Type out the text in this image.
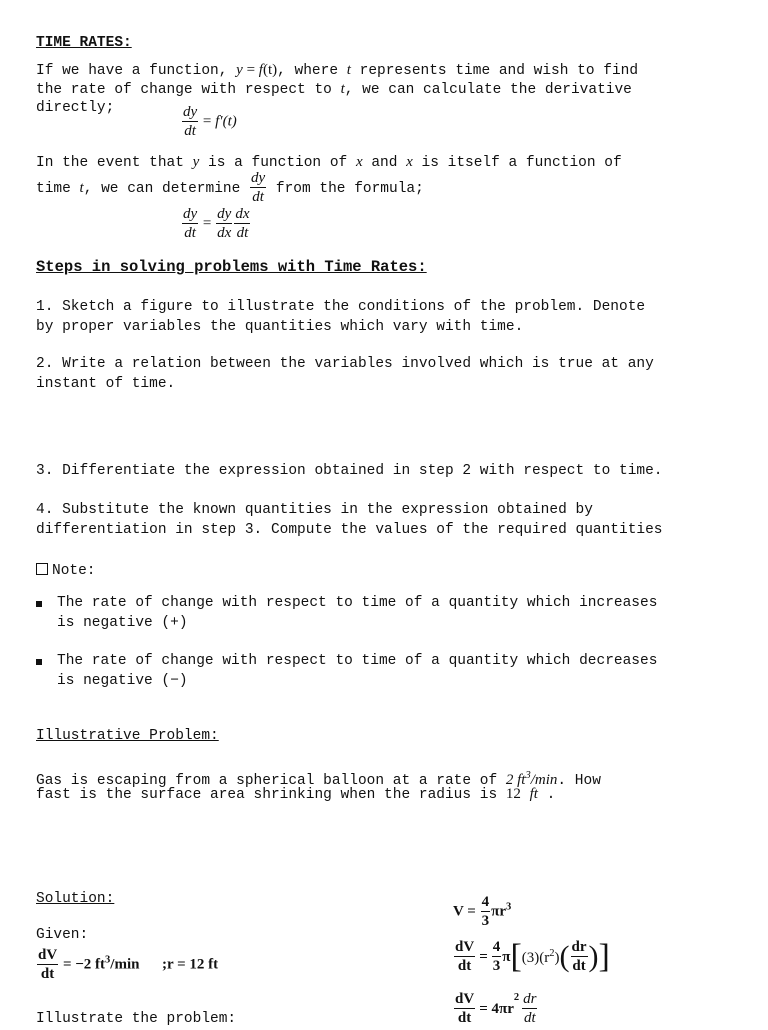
TIME RATES:
If we have a function, y = f(t), where t represents time and wish to find
the rate of change with respect to t, we can calculate the derivative
directly;	$\frac{dy}{dt} = f'(t)$
In the event that y is a function of x and x is itself a function of
time t, we can determine $\frac{dy}{dt}$ from the formula;
$\frac{dy}{dt} = \frac{dy}{dx} \frac{dx}{dt}$
Steps in solving problems with Time Rates:
1. Sketch a figure to illustrate the conditions of the problem. Denote
by proper variables the quantities which vary with time.
2. Write a relation between the variables involved which is true at any
instant of time.
3. Differentiate the expression obtained in step 2 with respect to time.
4. Substitute the known quantities in the expression obtained by
differentiation in step 3. Compute the values of the required quantities
Note:
The rate of change with respect to time of a quantity which increases
is negative (+)
The rate of change with respect to time of a quantity which decreases
is negative (−)
Illustrative Problem:
Gas is escaping from a spherical balloon at a rate of 2 $ft^3/\min$. How
fast is the surface area shrinking when the radius is 12 ft .
Solution:
Given:
$\frac{dV}{dt} = -2$ $ft^3/\min$ ;r = 12 ft
Illustrate the problem:
$V = \frac{4}{3} \pi r^3$
$\frac{dV}{dt} = \frac{4}{3}$ π [ $(3)(r^2)$ ( $\frac{dr}{dt}$ ) ]
$\frac{dV}{dt} = 4\pi r$
$^2 \frac{dr}{dt}$
